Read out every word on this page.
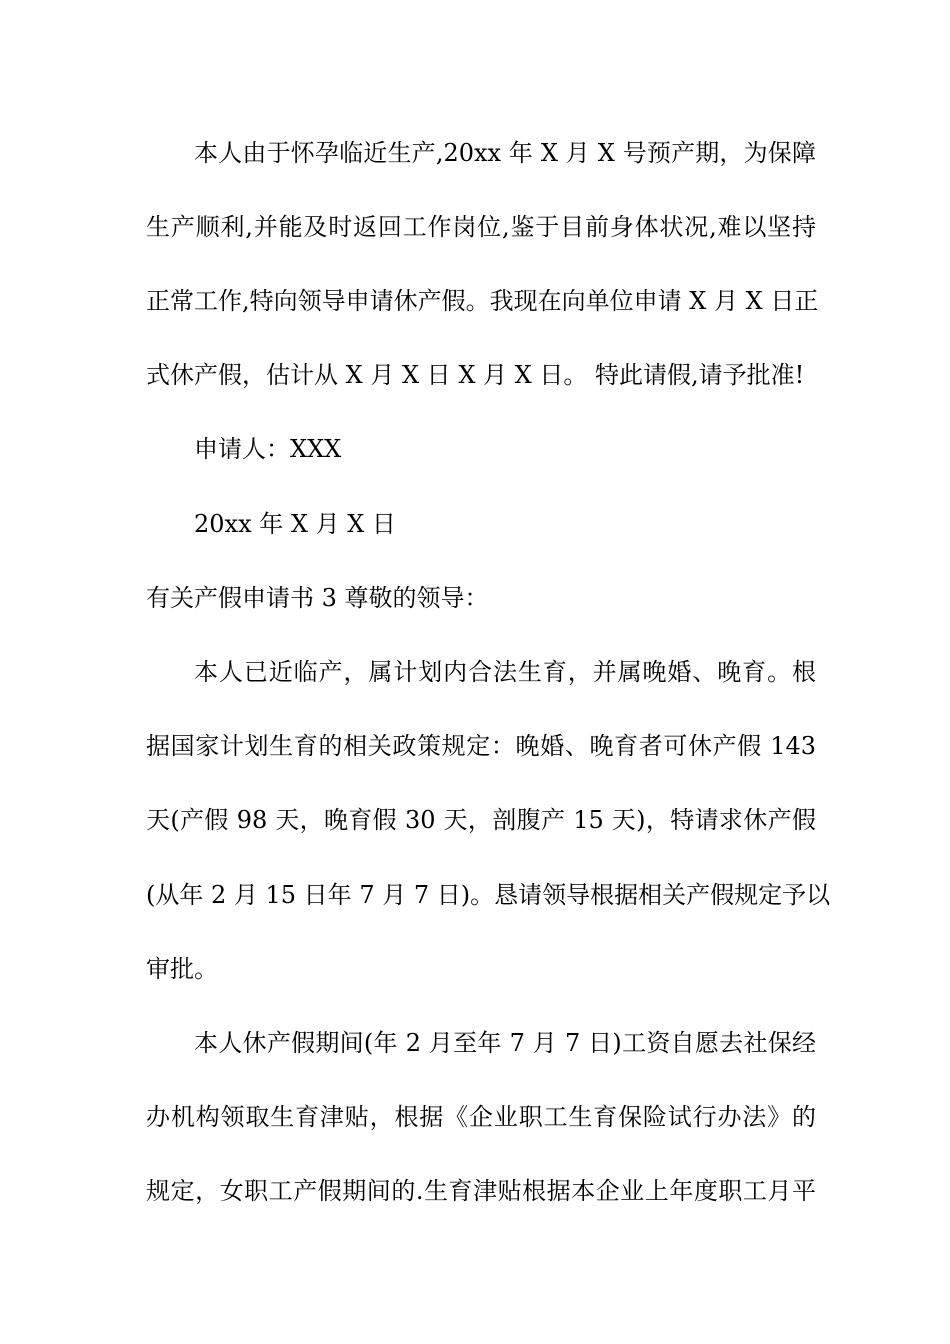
本人由于怀孕临近生产,20xx 年 X 月 X 号预产期，为保障
生产顺利,并能及时返回工作岗位,鉴于目前身体状况,难以坚持
正常工作,特向领导申请休产假。我现在向单位申请 X 月 X 日正
式休产假，估计从 X 月 X 日 X 月 X 日。 特此请假,请予批准!
申请人：XXX
20xx 年 X 月 X 日
有关产假申请书 3 尊敬的领导：
本人已近临产，属计划内合法生育，并属晚婚、晚育。根
据国家计划生育的相关政策规定：晚婚、晚育者可休产假 143
天(产假 98 天，晚育假 30 天，剖腹产 15 天)，特请求休产假
(从年 2 月 15 日年 7 月 7 日)。恳请领导根据相关产假规定予以
审批。
本人休产假期间(年 2 月至年 7 月 7 日)工资自愿去社保经
办机构领取生育津贴，根据《企业职工生育保险试行办法》的
规定，女职工产假期间的.生育津贴根据本企业上年度职工月平
